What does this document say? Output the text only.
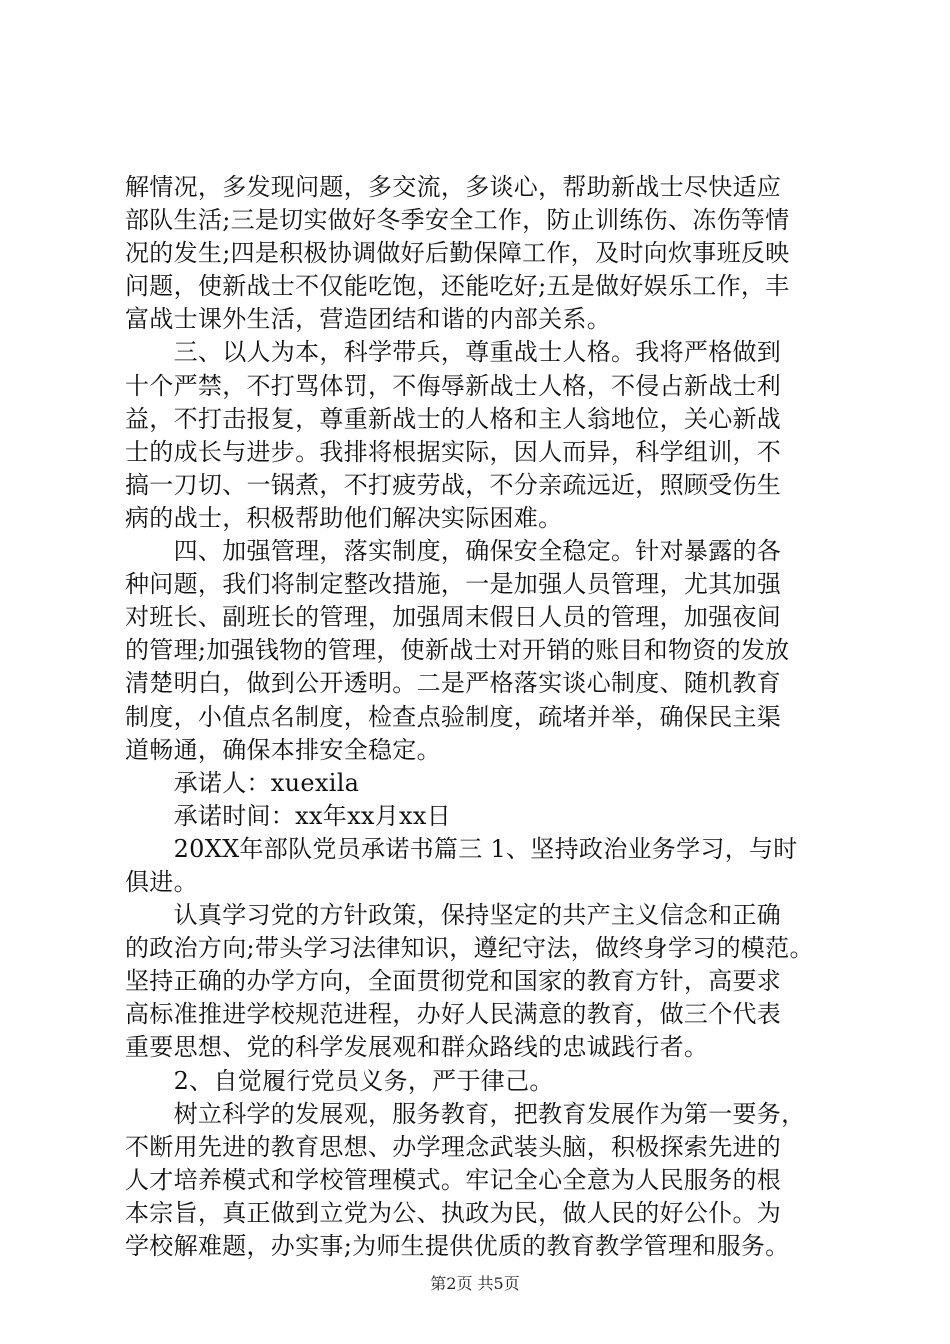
解情况，多发现问题，多交流，多谈心，帮助新战士尽快适应
部队生活;三是切实做好冬季安全工作，防止训练伤、冻伤等情
况的发生;四是积极协调做好后勤保障工作，及时向炊事班反映
问题，使新战士不仅能吃饱，还能吃好;五是做好娱乐工作，丰
富战士课外生活，营造团结和谐的内部关系。
　　三、以人为本，科学带兵，尊重战士人格。我将严格做到
十个严禁，不打骂体罚，不侮辱新战士人格，不侵占新战士利
益，不打击报复，尊重新战士的人格和主人翁地位，关心新战
士的成长与进步。我排将根据实际，因人而异，科学组训，不
搞一刀切、一锅煮，不打疲劳战，不分亲疏远近，照顾受伤生
病的战士，积极帮助他们解决实际困难。
　　四、加强管理，落实制度，确保安全稳定。针对暴露的各
种问题，我们将制定整改措施，一是加强人员管理，尤其加强
对班长、副班长的管理，加强周末假日人员的管理，加强夜间
的管理;加强钱物的管理，使新战士对开销的账目和物资的发放
清楚明白，做到公开透明。二是严格落实谈心制度、随机教育
制度，小值点名制度，检查点验制度，疏堵并举，确保民主渠
道畅通，确保本排安全稳定。
　　承诺人：xuexila
　　承诺时间：xx年xx月xx日
　　20XX年部队党员承诺书篇三 1、坚持政治业务学习，与时
俱进。
　　认真学习党的方针政策，保持坚定的共产主义信念和正确
的政治方向;带头学习法律知识，遵纪守法，做终身学习的模范。
坚持正确的办学方向，全面贯彻党和国家的教育方针，高要求
高标准推进学校规范进程，办好人民满意的教育，做三个代表
重要思想、党的科学发展观和群众路线的忠诚践行者。
　　2、自觉履行党员义务，严于律己。
　　树立科学的发展观，服务教育，把教育发展作为第一要务，
不断用先进的教育思想、办学理念武装头脑，积极探索先进的
人才培养模式和学校管理模式。牢记全心全意为人民服务的根
本宗旨，真正做到立党为公、执政为民，做人民的好公仆。为
学校解难题，办实事;为师生提供优质的教育教学管理和服务。
第2页 共5页
